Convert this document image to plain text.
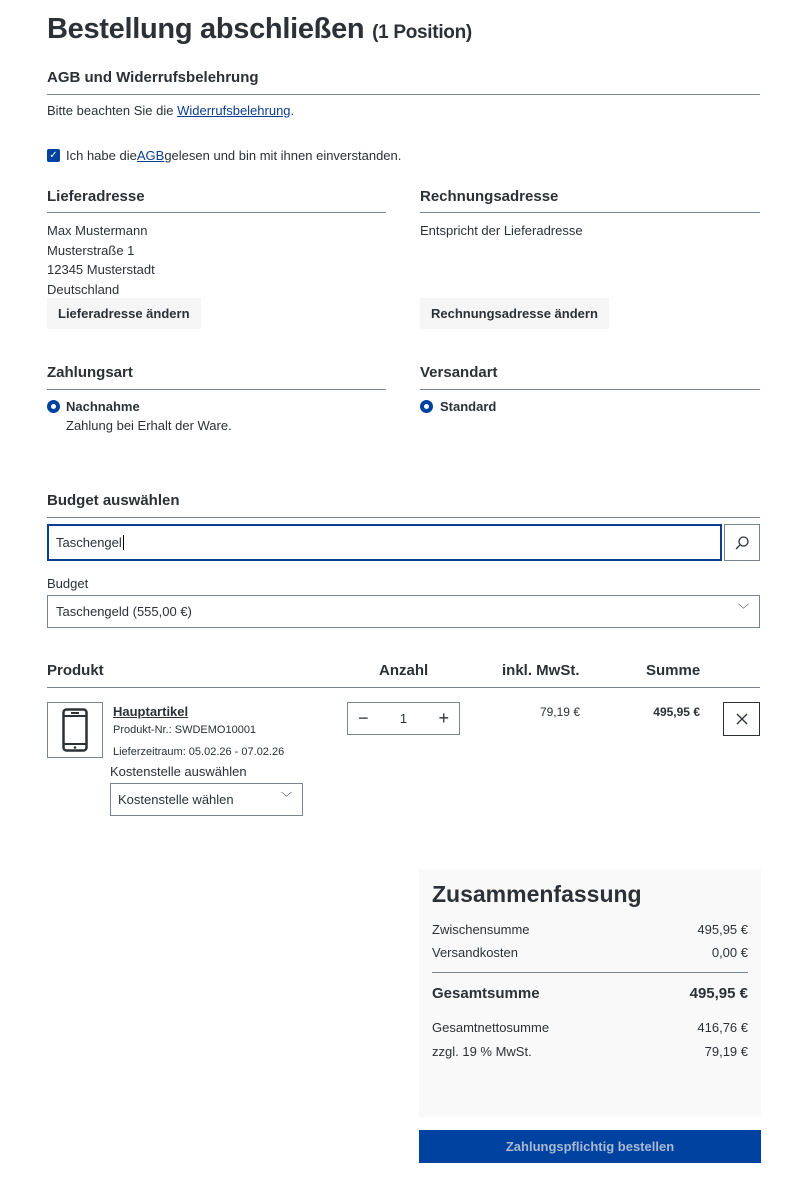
Bestellung abschließen (1 Position)
AGB und Widerrufsbelehrung
Bitte beachten Sie die Widerrufsbelehrung.
✓ Ich habe die AGB gelesen und bin mit ihnen einverstanden.
Lieferadresse
Max Mustermann
Musterstraße 1
12345 Musterstadt
Deutschland
Lieferadresse ändern
Rechnungsadresse
Entspricht der Lieferadresse
Rechnungsadresse ändern
Zahlungsart
Nachnahme
Zahlung bei Erhalt der Ware.
Versandart
Standard
Budget auswählen
Taschengel
Budget
Taschengeld (555,00 €)	﹀
Produkt	Anzahl	inkl. MwSt.	Summe
Hauptartikel
Produkt-Nr.: SWDEMO10001
Lieferzeitraum: 05.02.26 - 07.02.26
Kostenstelle auswählen
Kostenstelle wählen	﹀
− 1 +	79,19 €	495,95 €
Zusammenfassung
Zwischensumme	495,95 €
Versandkosten	0,00 €
Gesamtsumme	495,95 €
Gesamtnettosumme	416,76 €
zzgl. 19 % MwSt.	79,19 €
Zahlungspflichtig bestellen
